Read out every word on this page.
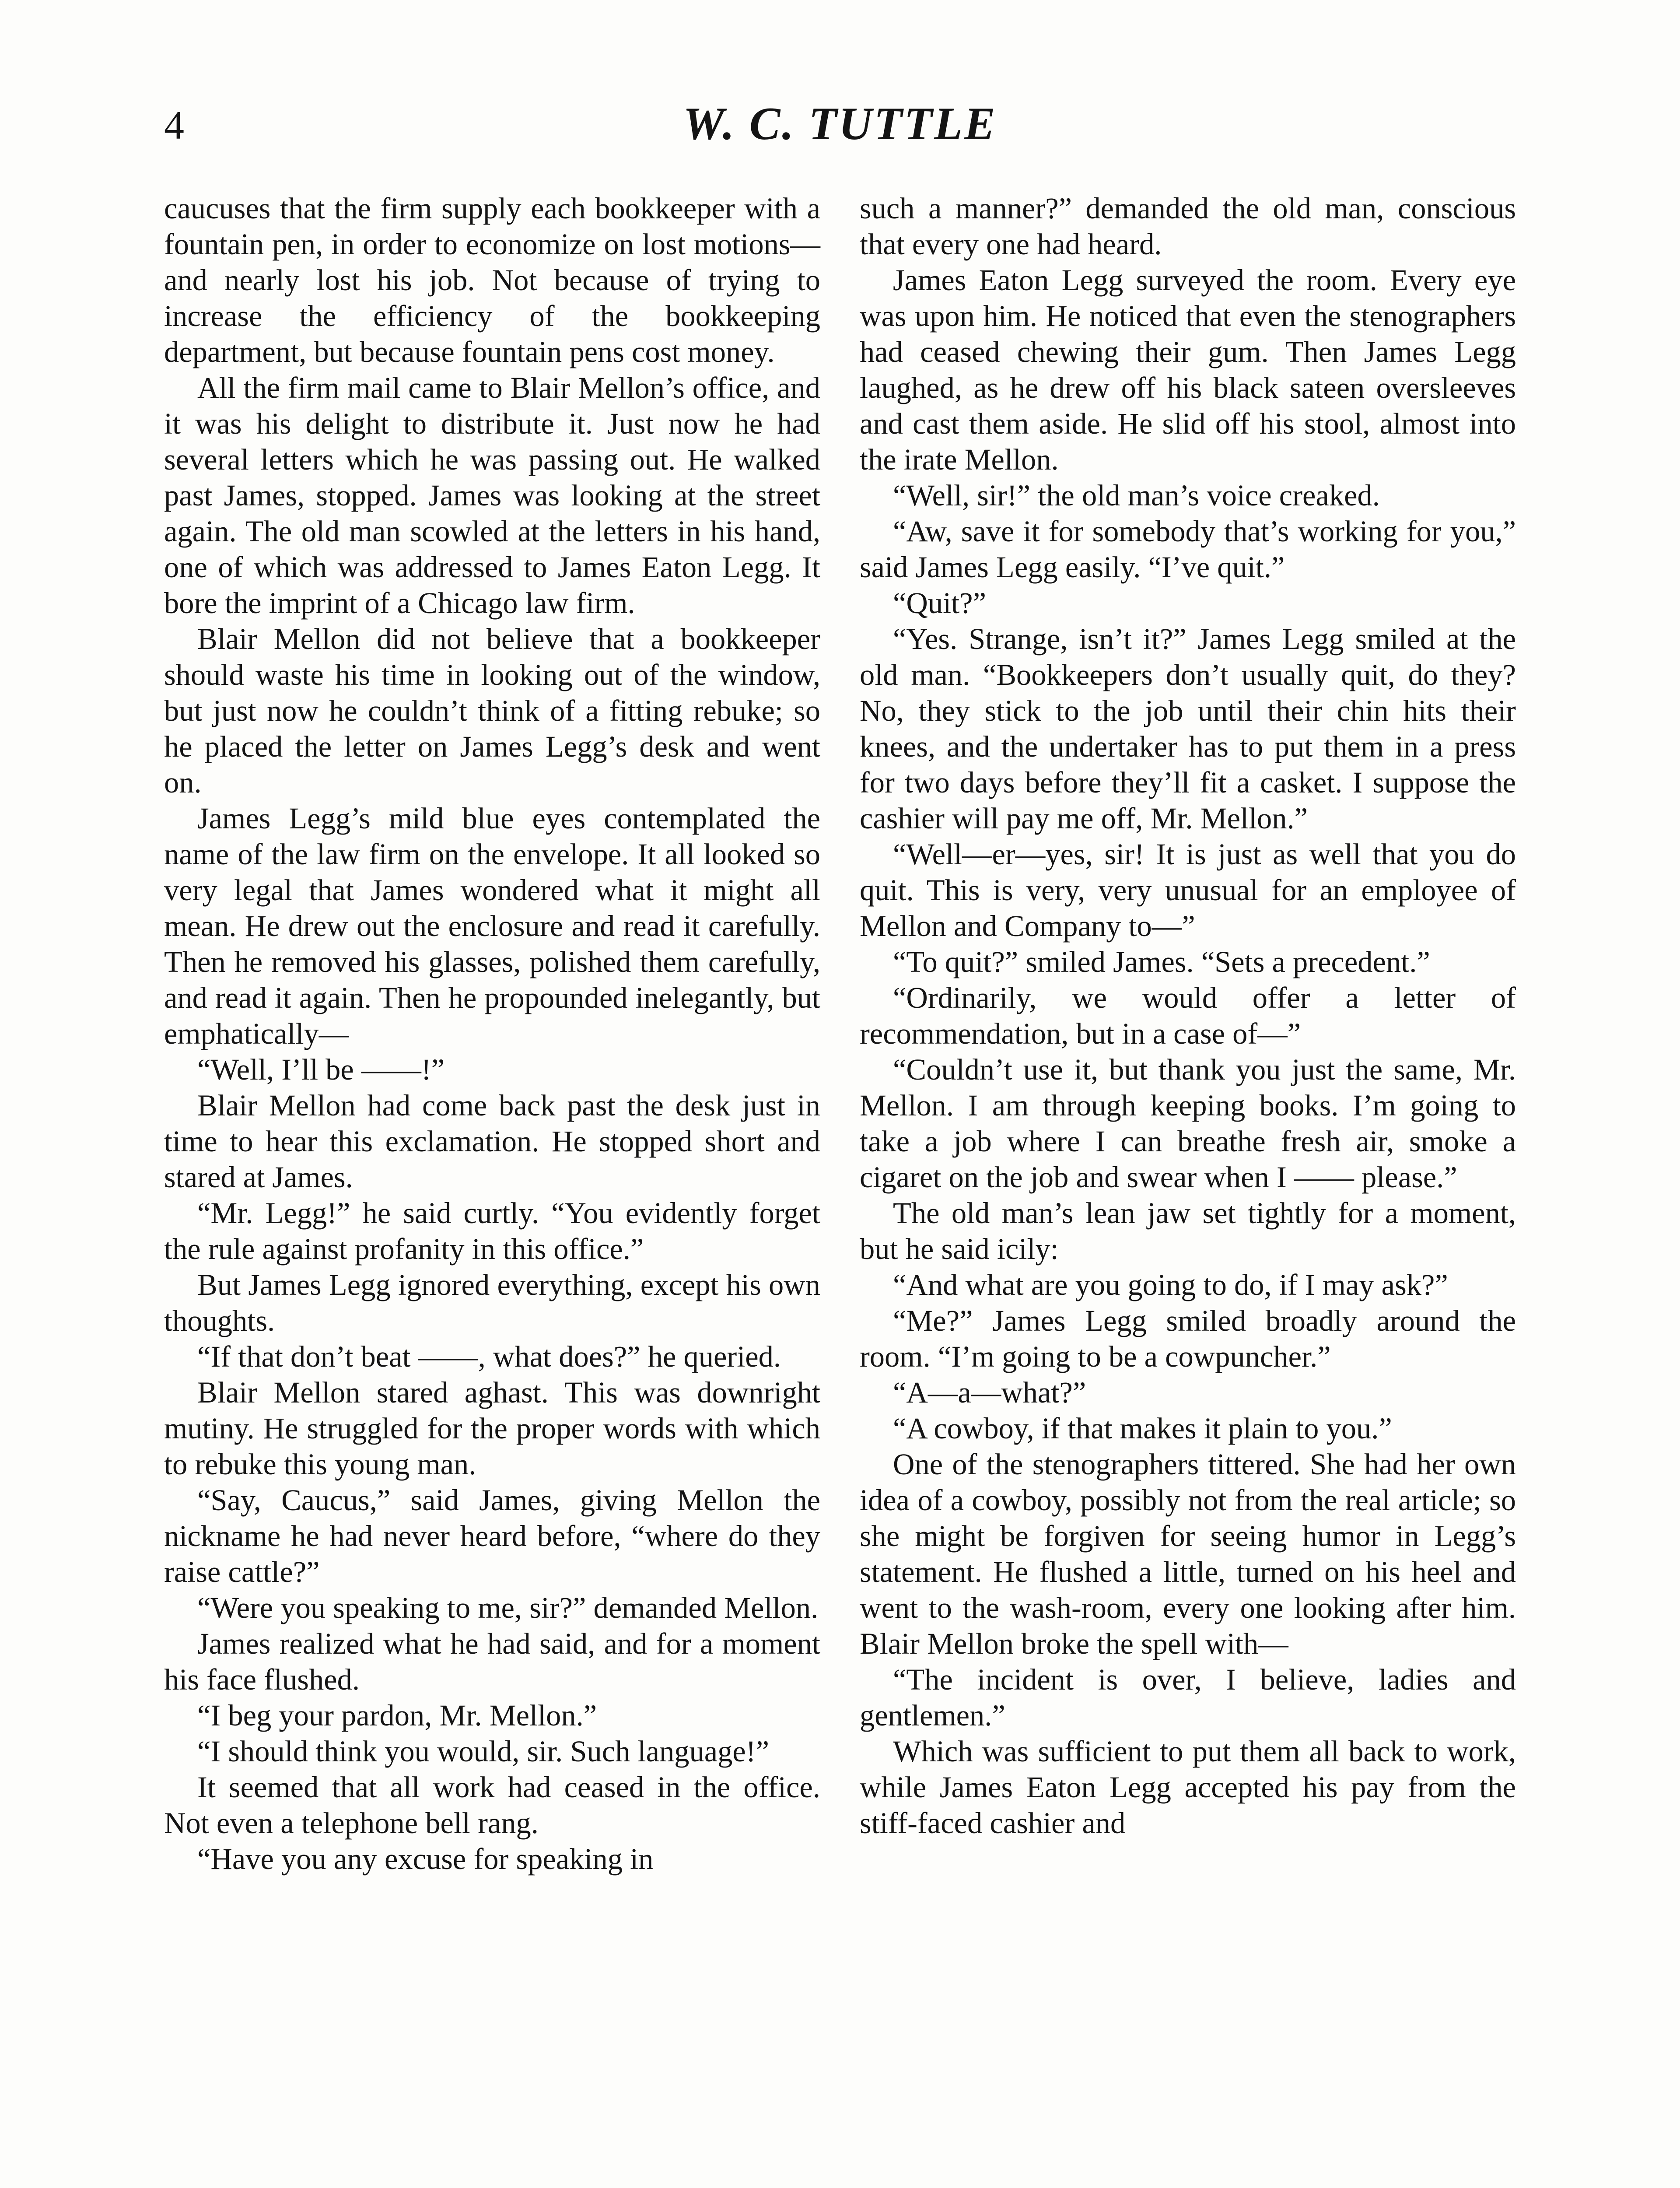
4	W. C. TUTTLE

caucuses that the firm supply each bookkeeper with a fountain pen, in order to economize on lost motions—and nearly lost his job. Not because of trying to increase the efficiency of the bookkeeping department, but because fountain pens cost money.

All the firm mail came to Blair Mellon’s office, and it was his delight to distribute it. Just now he had several letters which he was passing out. He walked past James, stopped. James was looking at the street again. The old man scowled at the letters in his hand, one of which was addressed to James Eaton Legg. It bore the imprint of a Chicago law firm.

Blair Mellon did not believe that a bookkeeper should waste his time in looking out of the window, but just now he couldn’t think of a fitting rebuke; so he placed the letter on James Legg’s desk and went on.

James Legg’s mild blue eyes contemplated the name of the law firm on the envelope. It all looked so very legal that James wondered what it might all mean. He drew out the enclosure and read it carefully. Then he removed his glasses, polished them carefully, and read it again. Then he propounded inelegantly, but emphatically—

“Well, I’ll be ——!”

Blair Mellon had come back past the desk just in time to hear this exclamation. He stopped short and stared at James.

“Mr. Legg!” he said curtly. “You evidently forget the rule against profanity in this office.”

But James Legg ignored everything, except his own thoughts.

“If that don’t beat ——, what does?” he queried.

Blair Mellon stared aghast. This was downright mutiny. He struggled for the proper words with which to rebuke this young man.

“Say, Caucus,” said James, giving Mellon the nickname he had never heard before, “where do they raise cattle?”

“Were you speaking to me, sir?” demanded Mellon.

James realized what he had said, and for a moment his face flushed.

“I beg your pardon, Mr. Mellon.”

“I should think you would, sir. Such language!”

It seemed that all work had ceased in the office. Not even a telephone bell rang.

“Have you any excuse for speaking in

such a manner?” demanded the old man, conscious that every one had heard.

James Eaton Legg surveyed the room. Every eye was upon him. He noticed that even the stenographers had ceased chewing their gum. Then James Legg laughed, as he drew off his black sateen oversleeves and cast them aside. He slid off his stool, almost into the irate Mellon.

“Well, sir!” the old man’s voice creaked.

“Aw, save it for somebody that’s working for you,” said James Legg easily. “I’ve quit.”

“Quit?”

“Yes. Strange, isn’t it?” James Legg smiled at the old man. “Bookkeepers don’t usually quit, do they? No, they stick to the job until their chin hits their knees, and the undertaker has to put them in a press for two days before they’ll fit a casket. I suppose the cashier will pay me off, Mr. Mellon.”

“Well—er—yes, sir! It is just as well that you do quit. This is very, very unusual for an employee of Mellon and Company to—”

“To quit?” smiled James. “Sets a precedent.”

“Ordinarily, we would offer a letter of recommendation, but in a case of—”

“Couldn’t use it, but thank you just the same, Mr. Mellon. I am through keeping books. I’m going to take a job where I can breathe fresh air, smoke a cigaret on the job and swear when I —— please.”

The old man’s lean jaw set tightly for a moment, but he said icily:

“And what are you going to do, if I may ask?”

“Me?” James Legg smiled broadly around the room. “I’m going to be a cowpuncher.”

“A—a—what?”

“A cowboy, if that makes it plain to you.”

One of the stenographers tittered. She had her own idea of a cowboy, possibly not from the real article; so she might be forgiven for seeing humor in Legg’s statement. He flushed a little, turned on his heel and went to the wash-room, every one looking after him. Blair Mellon broke the spell with—

“The incident is over, I believe, ladies and gentlemen.”

Which was sufficient to put them all back to work, while James Eaton Legg accepted his pay from the stiff-faced cashier and
